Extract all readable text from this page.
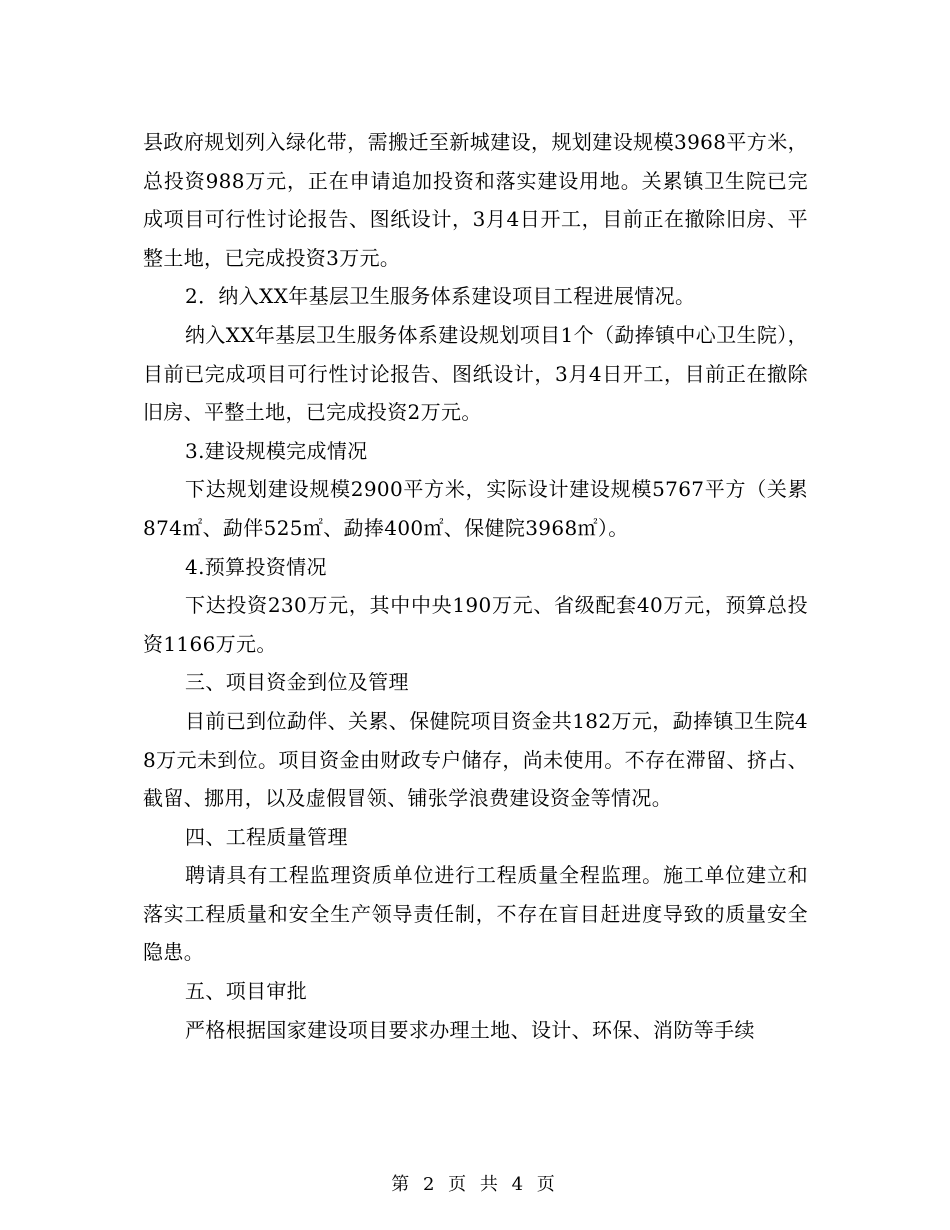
县政府规划列入绿化带，需搬迁至新城建设，规划建设规模3968平方米，总投资988万元，正在申请追加投资和落实建设用地。关累镇卫生院已完成项目可行性讨论报告、图纸设计，3月4日开工，目前正在撤除旧房、平整土地，已完成投资3万元。

2．纳入XX年基层卫生服务体系建设项目工程进展情况。

纳入XX年基层卫生服务体系建设规划项目1个（勐捧镇中心卫生院），目前已完成项目可行性讨论报告、图纸设计，3月4日开工，目前正在撤除旧房、平整土地，已完成投资2万元。

3.建设规模完成情况

下达规划建设规模2900平方米，实际设计建设规模5767平方（关累874㎡、勐伴525㎡、勐捧400㎡、保健院3968㎡）。

4.预算投资情况

下达投资230万元，其中中央190万元、省级配套40万元，预算总投资1166万元。

三、项目资金到位及管理

目前已到位勐伴、关累、保健院项目资金共182万元，勐捧镇卫生院48万元未到位。项目资金由财政专户储存，尚未使用。不存在滞留、挤占、截留、挪用，以及虚假冒领、铺张学浪费建设资金等情况。

四、工程质量管理

聘请具有工程监理资质单位进行工程质量全程监理。施工单位建立和落实工程质量和安全生产领导责任制，不存在盲目赶进度导致的质量安全隐患。

五、项目审批

严格根据国家建设项目要求办理土地、设计、环保、消防等手续

第 2 页 共 4 页
